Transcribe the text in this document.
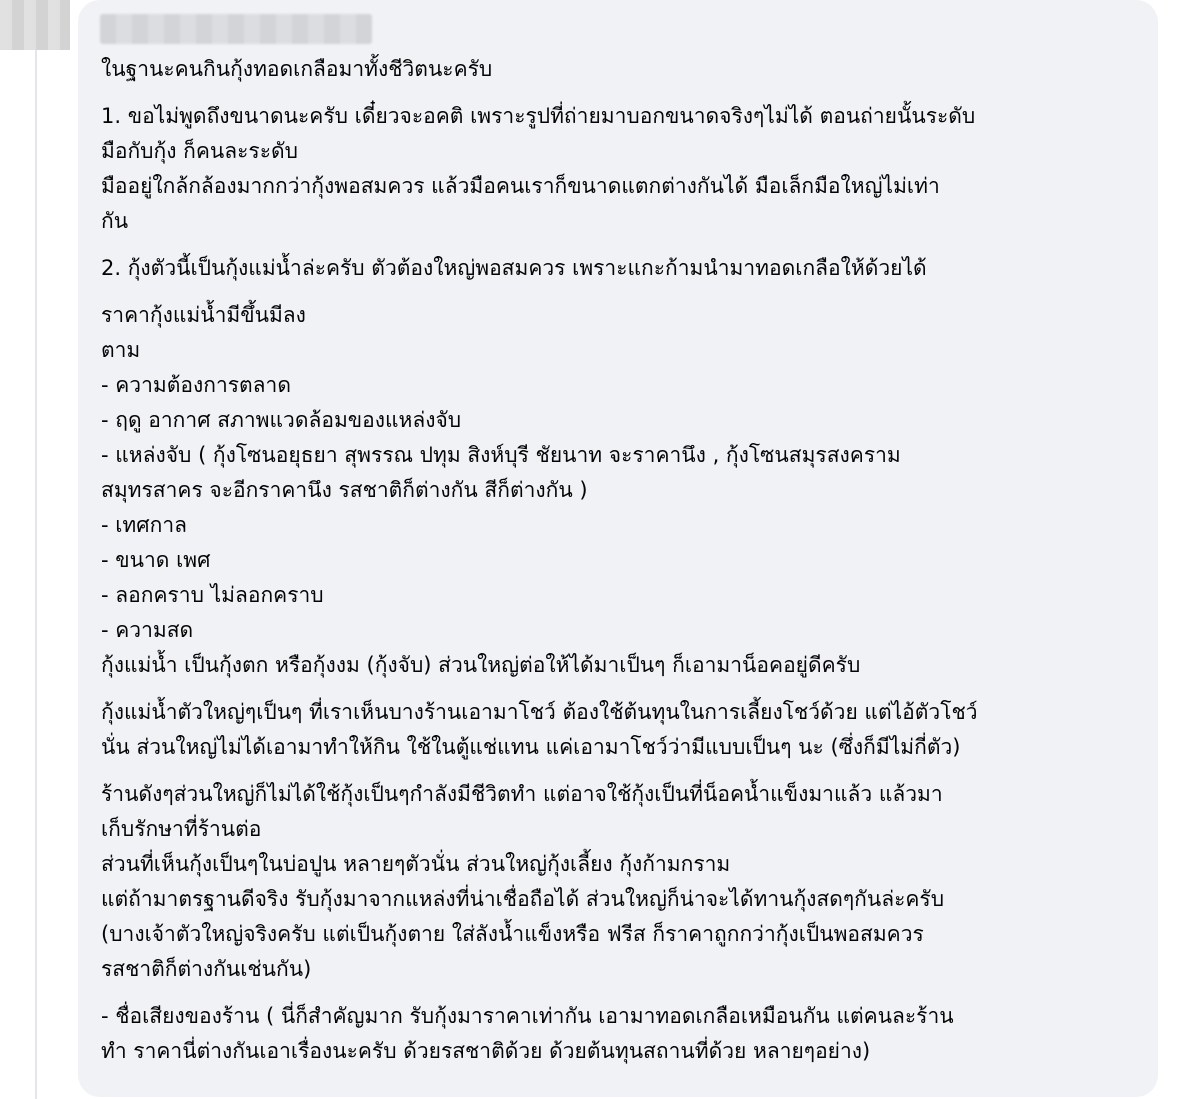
ในฐานะคนกินกุ้งทอดเกลือมาทั้งชีวิตนะครับ

1. ขอไม่พูดถึงขนาดนะครับ เดี๋ยวจะอคติ เพราะรูปที่ถ่ายมาบอกขนาดจริงๆไม่ได้ ตอนถ่ายนั้นระดับ
มือกับกุ้ง ก็คนละระดับ
มืออยู่ใกล้กล้องมากกว่ากุ้งพอสมควร แล้วมือคนเราก็ขนาดแตกต่างกันได้ มือเล็กมือใหญ่ไม่เท่า
กัน

2. กุ้งตัวนี้เป็นกุ้งแม่น้ำล่ะครับ ตัวต้องใหญ่พอสมควร เพราะแกะก้ามนำมาทอดเกลือให้ด้วยได้

ราคากุ้งแม่น้ำมีขึ้นมีลง
ตาม
- ความต้องการตลาด
- ฤดู อากาศ สภาพแวดล้อมของแหล่งจับ
- แหล่งจับ ( กุ้งโซนอยุธยา สุพรรณ ปทุม สิงห์บุรี ชัยนาท จะราคานึง , กุ้งโซนสมุรสงคราม
สมุทรสาคร จะอีกราคานึง รสชาติก็ต่างกัน สีก็ต่างกัน )
- เทศกาล
- ขนาด เพศ
- ลอกคราบ ไม่ลอกคราบ
- ความสด
กุ้งแม่น้ำ เป็นกุ้งตก หรือกุ้งงม (กุ้งจับ) ส่วนใหญ่ต่อให้ได้มาเป็นๆ ก็เอามาน็อคอยู่ดีครับ

กุ้งแม่น้ำตัวใหญ่ๆเป็นๆ ที่เราเห็นบางร้านเอามาโชว์ ต้องใช้ต้นทุนในการเลี้ยงโชว์ด้วย แต่ไอ้ตัวโชว์
นั่น ส่วนใหญ่ไม่ได้เอามาทำให้กิน ใช้ในตู้แช่แทน แค่เอามาโชว์ว่ามีแบบเป็นๆ นะ (ซึ่งก็มีไม่กี่ตัว)

ร้านดังๆส่วนใหญ่ก็ไม่ได้ใช้กุ้งเป็นๆกำลังมีชีวิตทำ แต่อาจใช้กุ้งเป็นที่น็อคน้ำแข็งมาแล้ว แล้วมา
เก็บรักษาที่ร้านต่อ
ส่วนที่เห็นกุ้งเป็นๆในบ่อปูน หลายๆตัวนั่น ส่วนใหญ่กุ้งเลี้ยง กุ้งก้ามกราม
แต่ถ้ามาตรฐานดีจริง รับกุ้งมาจากแหล่งที่น่าเชื่อถือได้ ส่วนใหญ่ก็น่าจะได้ทานกุ้งสดๆกันล่ะครับ
(บางเจ้าตัวใหญ่จริงครับ แต่เป็นกุ้งตาย ใส่ลังน้ำแข็งหรือ ฟรีส ก็ราคาถูกกว่ากุ้งเป็นพอสมควร
รสชาติก็ต่างกันเช่นกัน)

- ชื่อเสียงของร้าน ( นี่ก็สำคัญมาก รับกุ้งมาราคาเท่ากัน เอามาทอดเกลือเหมือนกัน แต่คนละร้าน
ทำ ราคานี่ต่างกันเอาเรื่องนะครับ ด้วยรสชาติด้วย ด้วยต้นทุนสถานที่ด้วย หลายๆอย่าง)
